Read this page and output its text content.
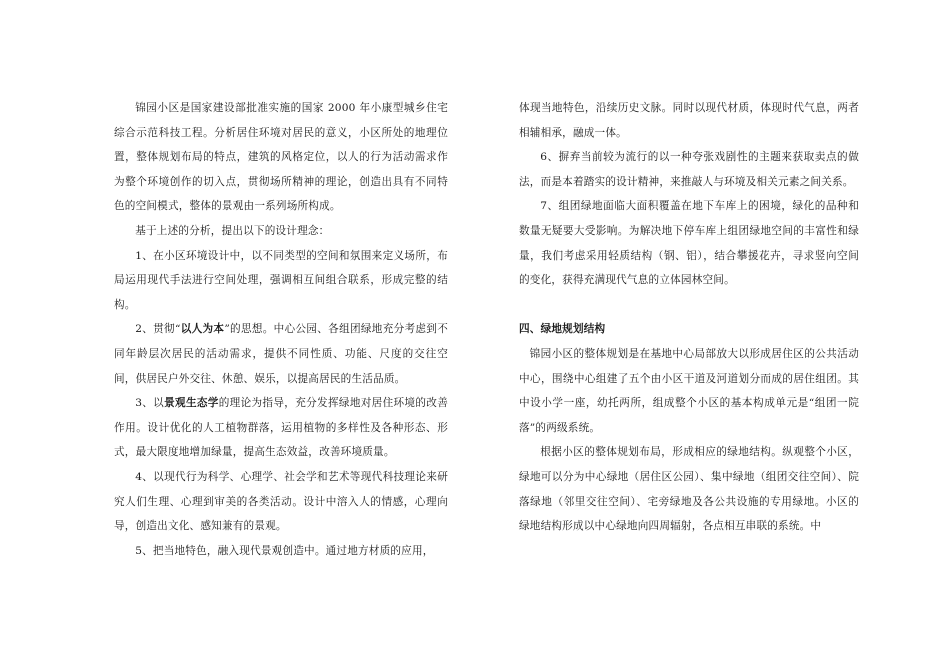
锦园小区是国家建设部批准实施的国家 2000 年小康型城乡住宅综合示范科技工程。分析居住环境对居民的意义，小区所处的地理位置，整体规划布局的特点，建筑的风格定位，以人的行为活动需求作为整个环境创作的切入点，贯彻场所精神的理论，创造出具有不同特色的空间模式，整体的景观由一系列场所构成。

基于上述的分析，提出以下的设计理念：

1、在小区环境设计中，以不同类型的空间和氛围来定义场所，布局运用现代手法进行空间处理，强调相互间组合联系，形成完整的结构。

2、贯彻“以人为本”的思想。中心公园、各组团绿地充分考虑到不同年龄层次居民的活动需求，提供不同性质、功能、尺度的交往空间，供居民户外交往、休憩、娱乐，以提高居民的生活品质。

3、以景观生态学的理论为指导，充分发挥绿地对居住环境的改善作用。设计优化的人工植物群落，运用植物的多样性及各种形态、形式，最大限度地增加绿量，提高生态效益，改善环境质量。

4、以现代行为科学、心理学、社会学和艺术等现代科技理论来研究人们生理、心理到审美的各类活动。设计中溶入人的情感，心理向导，创造出文化、感知兼有的景观。

5、把当地特色，融入现代景观创造中。通过地方材质的应用，

体现当地特色，沿续历史文脉。同时以现代材质，体现时代气息，两者相辅相承，融成一体。

6、摒弃当前较为流行的以一种夸张戏剧性的主题来获取卖点的做法，而是本着踏实的设计精神，来推敲人与环境及相关元素之间关系。

7、组团绿地面临大面积覆盖在地下车库上的困境，绿化的品种和数量无疑要大受影响。为解决地下停车库上组团绿地空间的丰富性和绿量，我们考虑采用轻质结构（钢、铝），结合攀援花卉，寻求竖向空间的变化，获得充满现代气息的立体园林空间。

四、绿地规划结构

锦园小区的整体规划是在基地中心局部放大以形成居住区的公共活动中心，围绕中心组建了五个由小区干道及河道划分而成的居住组团。其中设小学一座，幼托两所，组成整个小区的基本构成单元是“组团一院落”的两级系统。

根据小区的整体规划布局，形成相应的绿地结构。纵观整个小区，绿地可以分为中心绿地（居住区公园）、集中绿地（组团交往空间）、院落绿地（邻里交往空间）、宅旁绿地及各公共设施的专用绿地。小区的绿地结构形成以中心绿地向四周辐射，各点相互串联的系统。中
